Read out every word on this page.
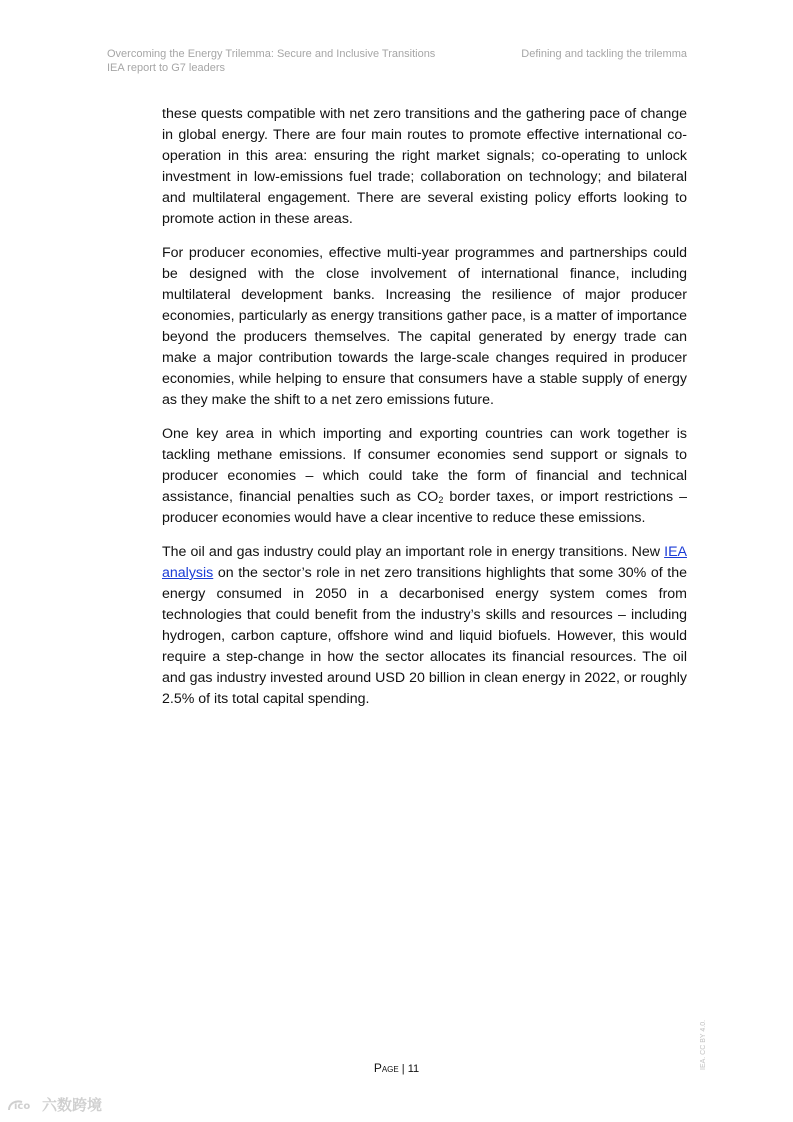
Overcoming the Energy Trilemma: Secure and Inclusive Transitions
IEA report to G7 leaders
Defining and tackling the trilemma

these quests compatible with net zero transitions and the gathering pace of change in global energy. There are four main routes to promote effective international co-operation in this area: ensuring the right market signals; co-operating to unlock investment in low-emissions fuel trade; collaboration on technology; and bilateral and multilateral engagement. There are several existing policy efforts looking to promote action in these areas.

For producer economies, effective multi-year programmes and partnerships could be designed with the close involvement of international finance, including multilateral development banks. Increasing the resilience of major producer economies, particularly as energy transitions gather pace, is a matter of importance beyond the producers themselves. The capital generated by energy trade can make a major contribution towards the large-scale changes required in producer economies, while helping to ensure that consumers have a stable supply of energy as they make the shift to a net zero emissions future.

One key area in which importing and exporting countries can work together is tackling methane emissions. If consumer economies send support or signals to producer economies – which could take the form of financial and technical assistance, financial penalties such as $CO_2$ border taxes, or import restrictions – producer economies would have a clear incentive to reduce these emissions.

The oil and gas industry could play an important role in energy transitions. New IEA analysis on the sector’s role in net zero transitions highlights that some 30% of the energy consumed in 2050 in a decarbonised energy system comes from technologies that could benefit from the industry’s skills and resources – including hydrogen, carbon capture, offshore wind and liquid biofuels. However, this would require a step-change in how the sector allocates its financial resources. The oil and gas industry invested around USD 20 billion in clean energy in 2022, or roughly 2.5% of its total capital spending.

Page | 11	IEA. CC BY 4.0.
ico 六数跨境
